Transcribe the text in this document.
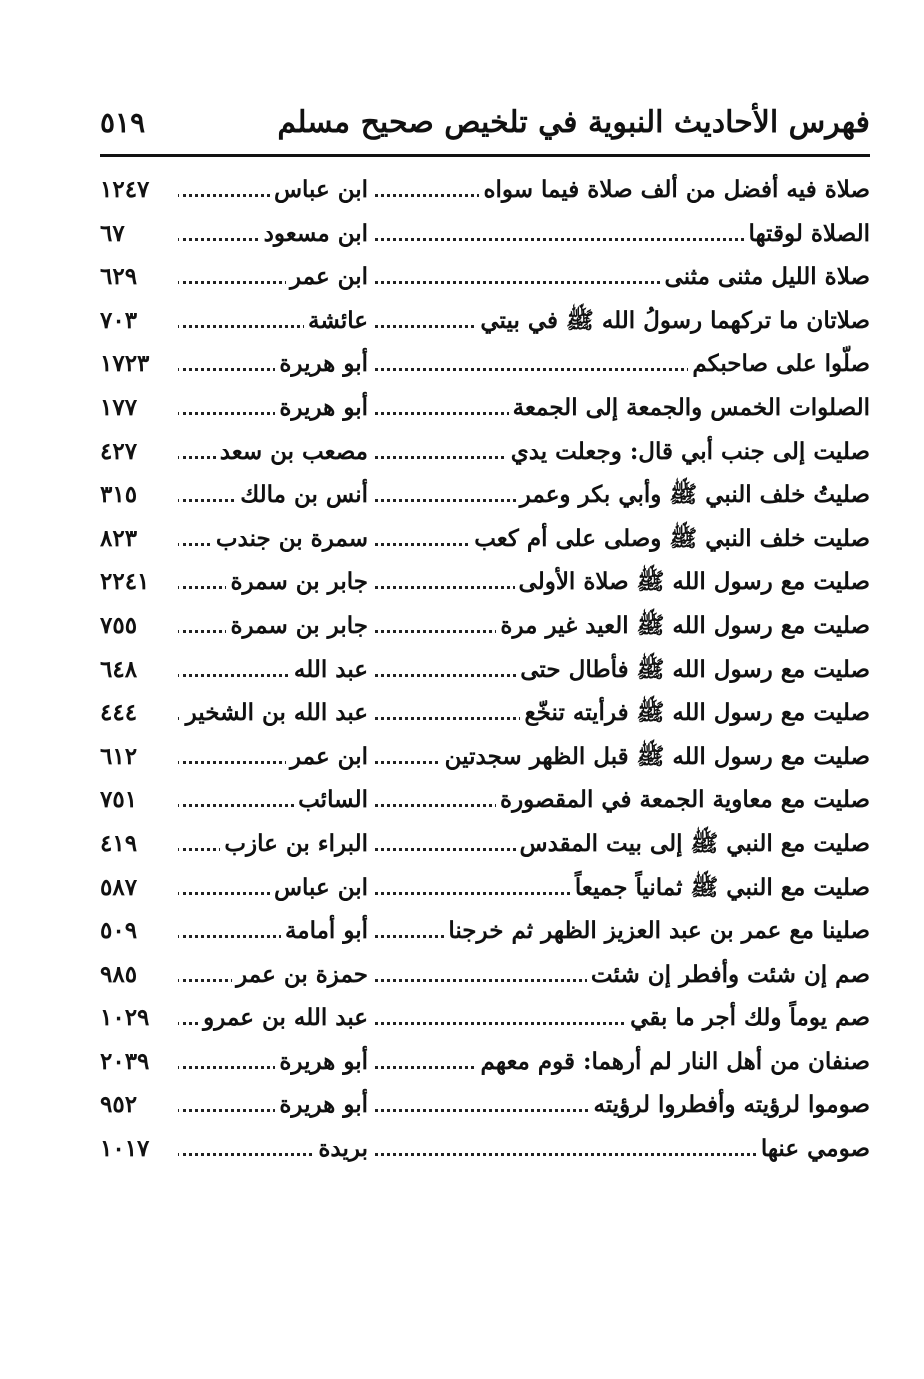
٥١٩	فهرس الأحاديث النبوية في تلخيص صحيح مسلم
صلاة فيه أفضل من ألف صلاة فيما سواه
ابن عباس
١٢٤٧
الصلاة لوقتها
ابن مسعود
٦٧
صلاة الليل مثنى مثنى
ابن عمر
٦٢٩
صلاتان ما تركهما رسولُ الله ﷺ في بيتي
عائشة
٧٠٣
صلّوا على صاحبكم
أبو هريرة
١٧٢٣
الصلوات الخمس والجمعة إلى الجمعة
أبو هريرة
١٧٧
صليت إلى جنب أبي قال: وجعلت يدي
مصعب بن سعد
٤٢٧
صليتُ خلف النبي ﷺ وأبي بكر وعمر
أنس بن مالك
٣١٥
صليت خلف النبي ﷺ وصلى على أم كعب
سمرة بن جندب
٨٢٣
صليت مع رسول الله ﷺ صلاة الأولى
جابر بن سمرة
٢٢٤١
صليت مع رسول الله ﷺ العيد غير مرة
جابر بن سمرة
٧٥٥
صليت مع رسول الله ﷺ فأطال حتى
عبد الله
٦٤٨
صليت مع رسول الله ﷺ فرأيته تنخّع
عبد الله بن الشخير
٤٤٤
صليت مع رسول الله ﷺ قبل الظهر سجدتين
ابن عمر
٦١٢
صليت مع معاوية الجمعة في المقصورة
السائب
٧٥١
صليت مع النبي ﷺ إلى بيت المقدس
البراء بن عازب
٤١٩
صليت مع النبي ﷺ ثمانياً جميعاً
ابن عباس
٥٨٧
صلينا مع عمر بن عبد العزيز الظهر ثم خرجنا
أبو أمامة
٥٠٩
صم إن شئت وأفطر إن شئت
حمزة بن عمر
٩٨٥
صم يوماً ولك أجر ما بقي
عبد الله بن عمرو
١٠٢٩
صنفان من أهل النار لم أرهما: قوم معهم
أبو هريرة
٢٠٣٩
صوموا لرؤيته وأفطروا لرؤيته
أبو هريرة
٩٥٢
صومي عنها
بريدة
١٠١٧
